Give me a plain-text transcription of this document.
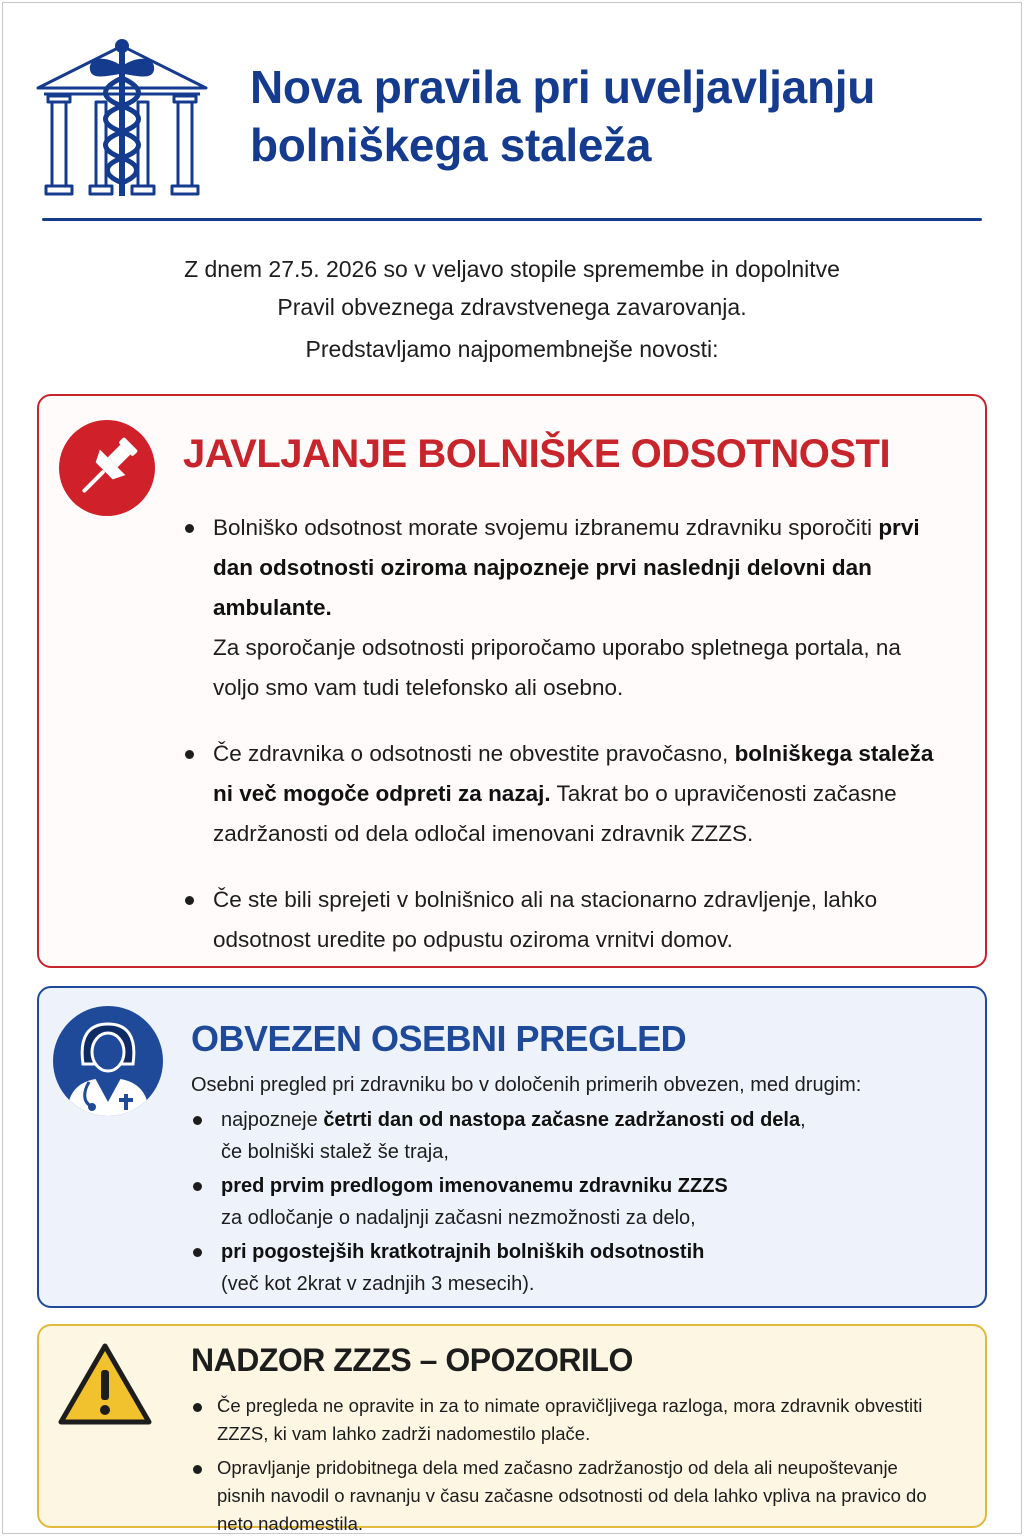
Nova pravila pri uveljavljanju
bolniškega staleža

Z dnem 27.5. 2026 so v veljavo stopile spremembe in dopolnitve

Pravil obveznega zdravstvenega zavarovanja.

Predstavljamo najpomembnejše novosti:

JAVLJANJE BOLNIŠKE ODSOTNOSTI
Bolniško odsotnost morate svojemu izbranemu zdravniku sporočiti prvi dan odsotnosti oziroma najpozneje prvi naslednji delovni dan ambulante.
Za sporočanje odsotnosti priporočamo uporabo spletnega portala, na voljo smo vam tudi telefonsko ali osebno.
Če zdravnika o odsotnosti ne obvestite pravočasno, bolniškega staleža ni več mogoče odpreti za nazaj. Takrat bo o upravičenosti začasne zadržanosti od dela odločal imenovani zdravnik ZZZS.
Če ste bili sprejeti v bolnišnico ali na stacionarno zdravljenje, lahko odsotnost uredite po odpustu oziroma vrnitvi domov.
OBVEZEN OSEBNI PREGLED
Osebni pregled pri zdravniku bo v določenih primerih obvezen, med drugim:
najpozneje četrti dan od nastopa začasne zadržanosti od dela,
če bolniški stalež še traja,
pred prvim predlogom imenovanemu zdravniku ZZZS
za odločanje o nadaljnji začasni nezmožnosti za delo,
pri pogostejših kratkotrajnih bolniških odsotnostih
(več kot 2krat v zadnjih 3 mesecih).
NADZOR ZZZS – OPOZORILO
Če pregleda ne opravite in za to nimate opravičljivega razloga, mora zdravnik obvestiti ZZZS, ki vam lahko zadrži nadomestilo plače.
Opravljanje pridobitnega dela med začasno zadržanostjo od dela ali neupoštevanje pisnih navodil o ravnanju v času začasne odsotnosti od dela lahko vpliva na pravico do neto nadomestila.
